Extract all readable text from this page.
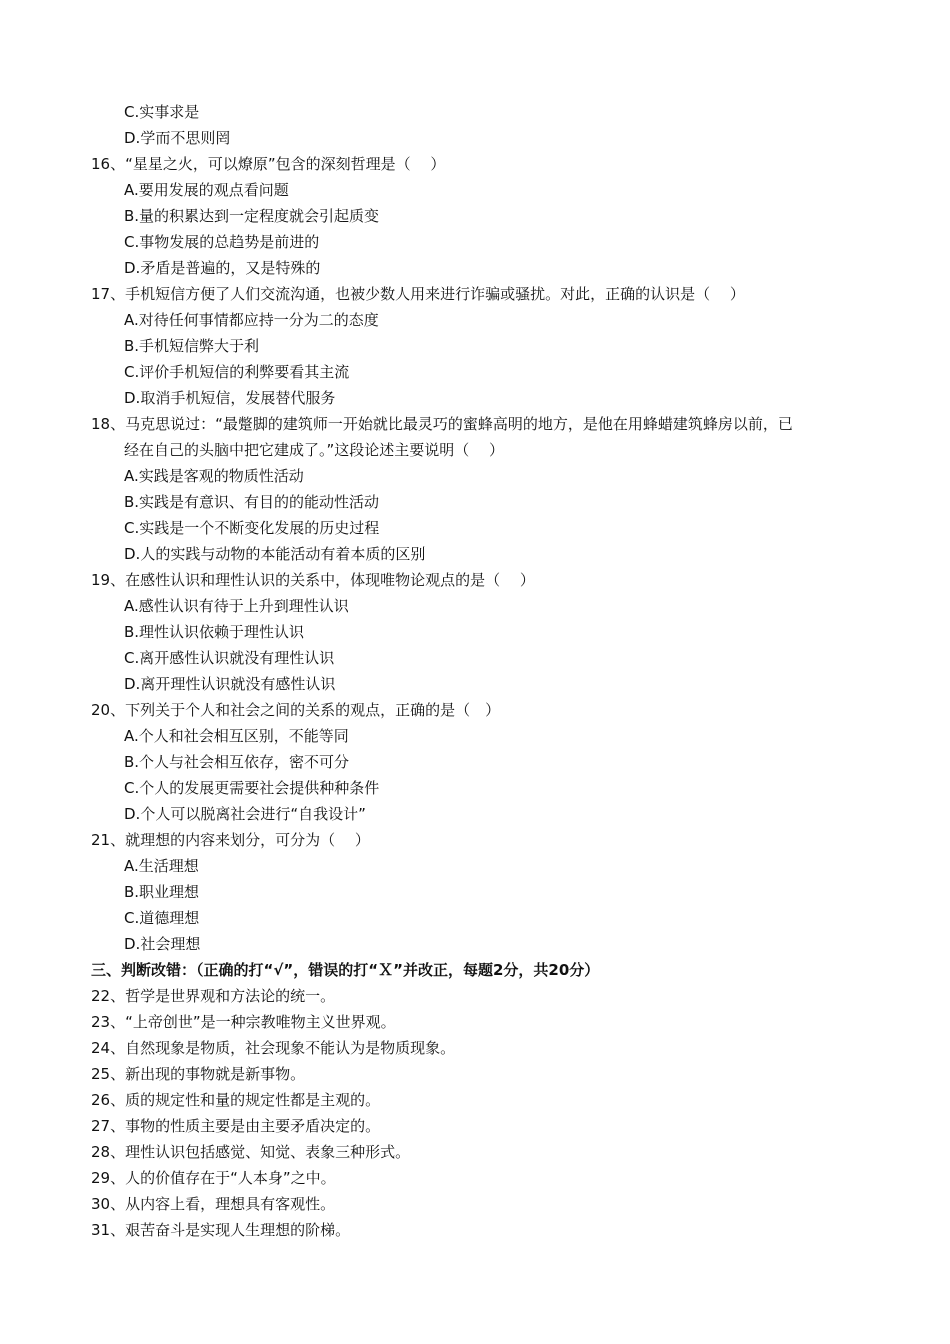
C.实事求是
D.学而不思则罔
16、“星星之火，可以燎原”包含的深刻哲理是（　 ）
A.要用发展的观点看问题
B.量的积累达到一定程度就会引起质变
C.事物发展的总趋势是前进的
D.矛盾是普遍的，又是特殊的
17、手机短信方便了人们交流沟通，也被少数人用来进行诈骗或骚扰。对此，正确的认识是（　 ）
A.对待任何事情都应持一分为二的态度
B.手机短信弊大于利
C.评价手机短信的利弊要看其主流
D.取消手机短信，发展替代服务
18、马克思说过：“最蹩脚的建筑师一开始就比最灵巧的蜜蜂高明的地方，是他在用蜂蜡建筑蜂房以前，已
经在自己的头脑中把它建成了。”这段论述主要说明（　 ）
A.实践是客观的物质性活动
B.实践是有意识、有目的的能动性活动
C.实践是一个不断变化发展的历史过程
D.人的实践与动物的本能活动有着本质的区别
19、在感性认识和理性认识的关系中，体现唯物论观点的是（　 ）
A.感性认识有待于上升到理性认识
B.理性认识依赖于理性认识
C.离开感性认识就没有理性认识
D.离开理性认识就没有感性认识
20、下列关于个人和社会之间的关系的观点，正确的是（　）
A.个人和社会相互区别，不能等同
B.个人与社会相互依存，密不可分
C.个人的发展更需要社会提供种种条件
D.个人可以脱离社会进行“自我设计”
21、就理想的内容来划分，可分为（　 ）
A.生活理想
B.职业理想
C.道德理想
D.社会理想
三、判断改错：（正确的打“√”，错误的打“Ｘ”并改正，每题2分，共20分）
22、哲学是世界观和方法论的统一。
23、“上帝创世”是一种宗教唯物主义世界观。
24、自然现象是物质，社会现象不能认为是物质现象。
25、新出现的事物就是新事物。
26、质的规定性和量的规定性都是主观的。
27、事物的性质主要是由主要矛盾决定的。
28、理性认识包括感觉、知觉、表象三种形式。
29、人的价值存在于“人本身”之中。
30、从内容上看，理想具有客观性。
31、艰苦奋斗是实现人生理想的阶梯。
